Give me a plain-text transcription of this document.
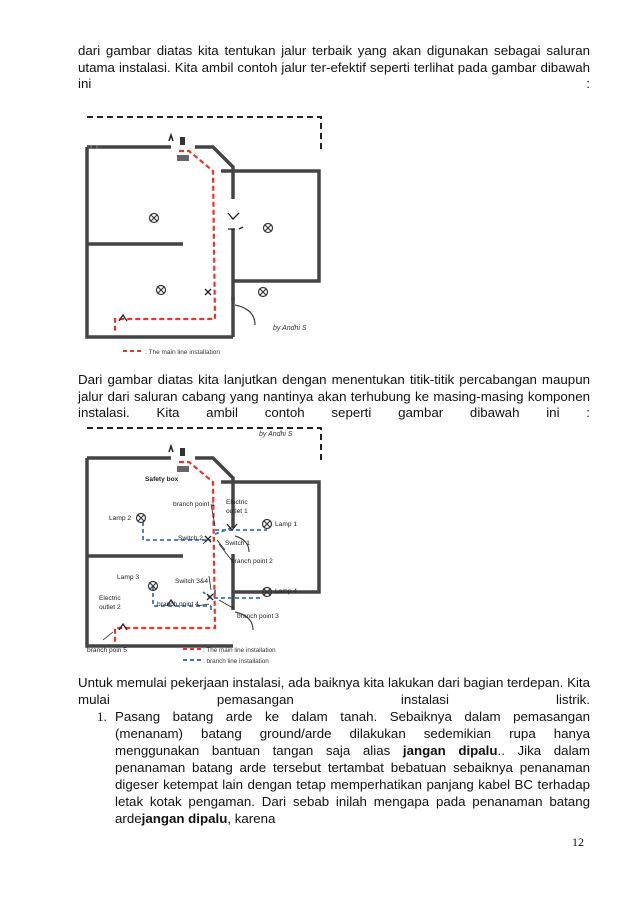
dari gambar diatas kita tentukan jalur terbaik yang akan digunakan sebagai saluran utama instalasi. Kita ambil contoh jalur ter-efektif seperti terlihat pada gambar dibawah ini :
by Andhi S
: The main line installation
Dari gambar diatas kita lanjutkan dengan menentukan titik-titik percabangan maupun jalur dari saluran cabang yang nantinya akan terhubung ke masing-masing komponen instalasi. Kita ambil contoh seperti gambar dibawah ini :
by Andhi S
Safety box
branch point 1 Electric
outlet 1
Lamp 1
Lamp 2
Switch 2
Switch 1
branch point 2
Lamp 3
Switch 3&4
Lamp 4
Electric
outlet 2	branch point 4
branch point 3
branch poin 5	: The main line installation
: branch line installation
Untuk memulai pekerjaan instalasi, ada baiknya kita lakukan dari bagian terdepan. Kita mulai pemasangan instalasi listrik.
1. Pasang batang arde ke dalam tanah. Sebaiknya dalam pemasangan (menanam) batang ground/arde dilakukan sedemikian rupa hanya menggunakan bantuan tangan saja alias jangan dipalu.. Jika dalam penanaman batang arde tersebut tertambat bebatuan sebaiknya penanaman digeser ketempat lain dengan tetap memperhatikan panjang kabel BC terhadap letak kotak pengaman. Dari sebab inilah mengapa pada penanaman batang ardejangan dipalu, karena
12
